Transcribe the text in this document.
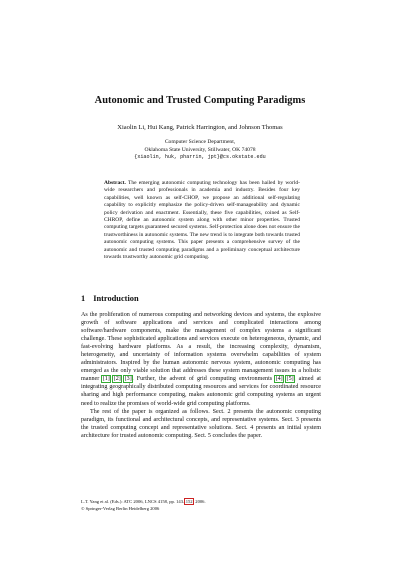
Autonomic and Trusted Computing Paradigms
Xiaolin Li, Hui Kang, Patrick Harrington, and Johnson Thomas
Computer Science Department,
Oklahoma State University, Stillwater, OK 74078
{xiaolin, huk, pharrin, jpt}@cs.okstate.edu
Abstract. The emerging autonomic computing technology has been hailed by world-wide researchers and professionals in academia and industry. Besides four key capabilities, well known as self-CHOP, we propose an additional self-regulating capability to explicitly emphasize the policy-driven self-manageability and dynamic policy derivation and enactment. Essentially, these five capabilities, coined as Self-CHROP, define an autonomic system along with other minor properties. Trusted computing targets guaranteed secured systems. Self-protection alone does not ensure the trustworthiness in autonomic systems. The new trend is to integrate both towards trusted autonomic computing systems. This paper presents a comprehensive survey of the autonomic and trusted computing paradigms and a preliminary conceptual architecture towards trustworthy autonomic grid computing.
1 Introduction

As the proliferation of numerous computing and networking devices and systems, the explosive growth of software applications and services and complicated interactions among software/hardware components, make the management of complex systems a significant challenge. These sophisticated applications and services execute on heterogeneous, dynamic, and fast-evolving hardware platforms. As a result, the increasing complexity, dynamism, heterogeneity, and uncertainty of information systems overwhelm capabilities of system administrators. Inspired by the human autonomic nervous system, autonomic computing has emerged as the only viable solution that addresses these system management issues in a holistic manner [1] [2] [3]. Further, the advent of grid computing environments [4] [5], aimed at integrating geographically distributed computing resources and services for coordinated resource sharing and high performance computing, makes autonomic grid computing systems an urgent need to realize the promises of world-wide grid computing platforms.

The rest of the paper is organized as follows. Sect. 2 presents the autonomic computing paradigm, its functional and architectural concepts, and representative systems. Sect. 3 presents the trusted computing concept and representative solutions. Sect. 4 presents an initial system architecture for trusted autonomic computing. Sect. 5 concludes the paper.

L.T. Yang et al. (Eds.): ATC 2006, LNCS 4158, pp. 143–152, 2006.
© Springer-Verlag Berlin Heidelberg 2006
